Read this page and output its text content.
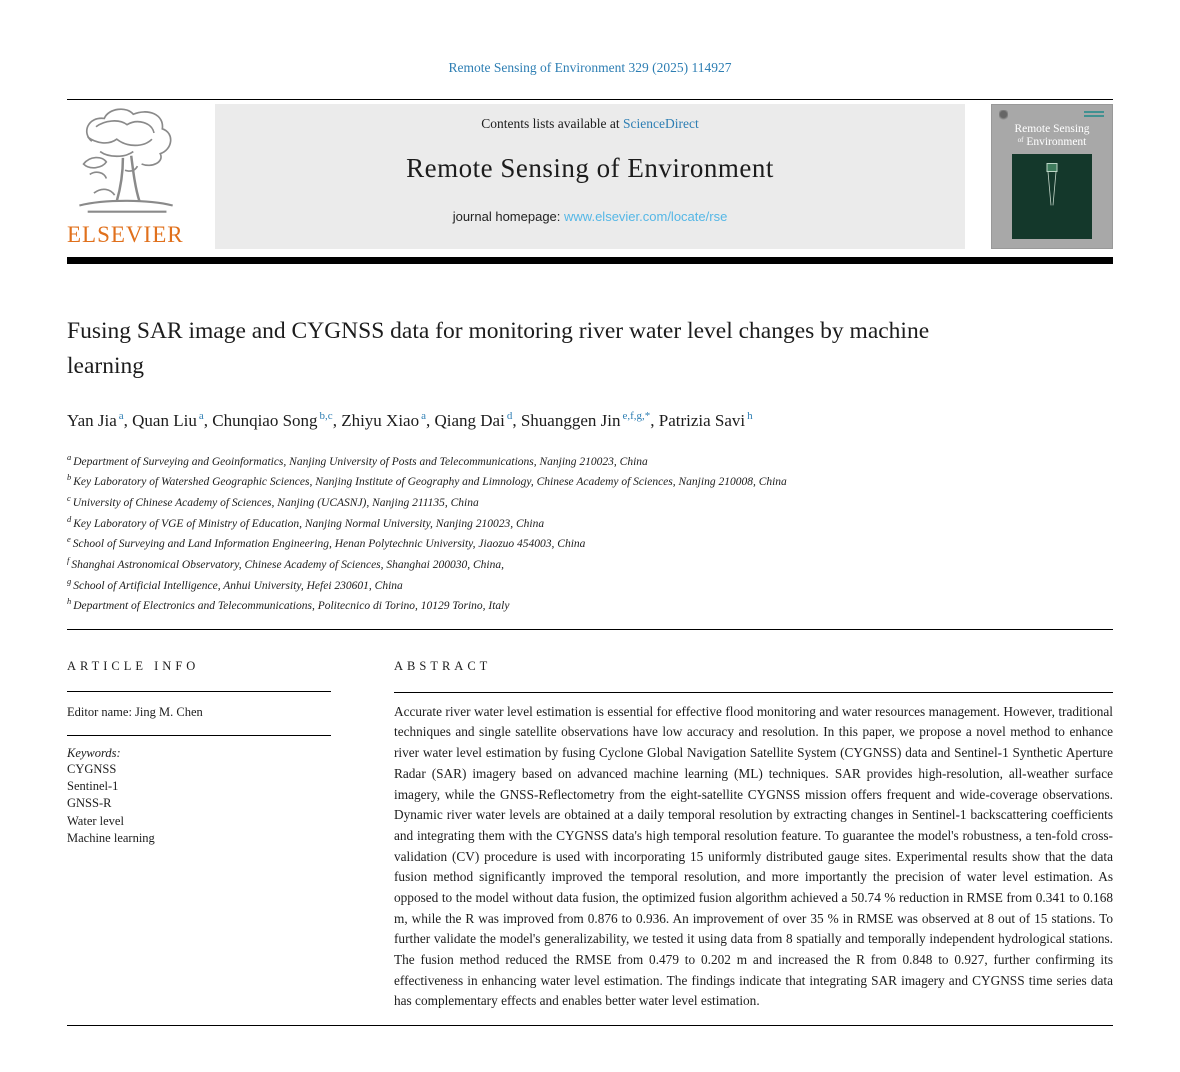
Remote Sensing of Environment 329 (2025) 114927
ELSEVIER
Contents lists available at ScienceDirect
Remote Sensing of Environment
journal homepage: www.elsevier.com/locate/rse
Remote Sensing
$^{of}$ Environment
Fusing SAR image and CYGNSS data for monitoring river water level changes by machine learning
Yan Jia $^a$, Quan Liu $^a$, Chunqiao Song $^{b,c}$, Zhiyu Xiao $^a$, Qiang Dai $^d$, Shuanggen Jin $^{e,f,g,*}$, Patrizia Savi $^h$
$^a$ Department of Surveying and Geoinformatics, Nanjing University of Posts and Telecommunications, Nanjing 210023, China
$^b$ Key Laboratory of Watershed Geographic Sciences, Nanjing Institute of Geography and Limnology, Chinese Academy of Sciences, Nanjing 210008, China
$^c$ University of Chinese Academy of Sciences, Nanjing (UCASNJ), Nanjing 211135, China
$^d$ Key Laboratory of VGE of Ministry of Education, Nanjing Normal University, Nanjing 210023, China
$^e$ School of Surveying and Land Information Engineering, Henan Polytechnic University, Jiaozuo 454003, China
$^f$ Shanghai Astronomical Observatory, Chinese Academy of Sciences, Shanghai 200030, China,
$^g$ School of Artificial Intelligence, Anhui University, Hefei 230601, China
$^h$ Department of Electronics and Telecommunications, Politecnico di Torino, 10129 Torino, Italy
ARTICLE INFO
Editor name: Jing M. Chen
Keywords:
CYGNSS
Sentinel-1
GNSS-R
Water level
Machine learning
ABSTRACT
Accurate river water level estimation is essential for effective flood monitoring and water resources management. However, traditional techniques and single satellite observations have low accuracy and resolution. In this paper, we propose a novel method to enhance river water level estimation by fusing Cyclone Global Navigation Satellite System (CYGNSS) data and Sentinel-1 Synthetic Aperture Radar (SAR) imagery based on advanced machine learning (ML) techniques. SAR provides high-resolution, all-weather surface imagery, while the GNSS-Reflectometry from the eight-satellite CYGNSS mission offers frequent and wide-coverage observations. Dynamic river water levels are obtained at a daily temporal resolution by extracting changes in Sentinel-1 backscattering coefficients and integrating them with the CYGNSS data's high temporal resolution feature. To guarantee the model's robustness, a ten-fold cross-validation (CV) procedure is used with incorporating 15 uniformly distributed gauge sites. Experimental results show that the data fusion method significantly improved the temporal resolution, and more importantly the precision of water level estimation. As opposed to the model without data fusion, the optimized fusion algorithm achieved a 50.74 % reduction in RMSE from 0.341 to 0.168 m, while the R was improved from 0.876 to 0.936. An improvement of over 35 % in RMSE was observed at 8 out of 15 stations. To further validate the model's generalizability, we tested it using data from 8 spatially and temporally independent hydrological stations. The fusion method reduced the RMSE from 0.479 to 0.202 m and increased the R from 0.848 to 0.927, further confirming its effectiveness in enhancing water level estimation. The findings indicate that integrating SAR imagery and CYGNSS time series data has complementary effects and enables better water level estimation.
